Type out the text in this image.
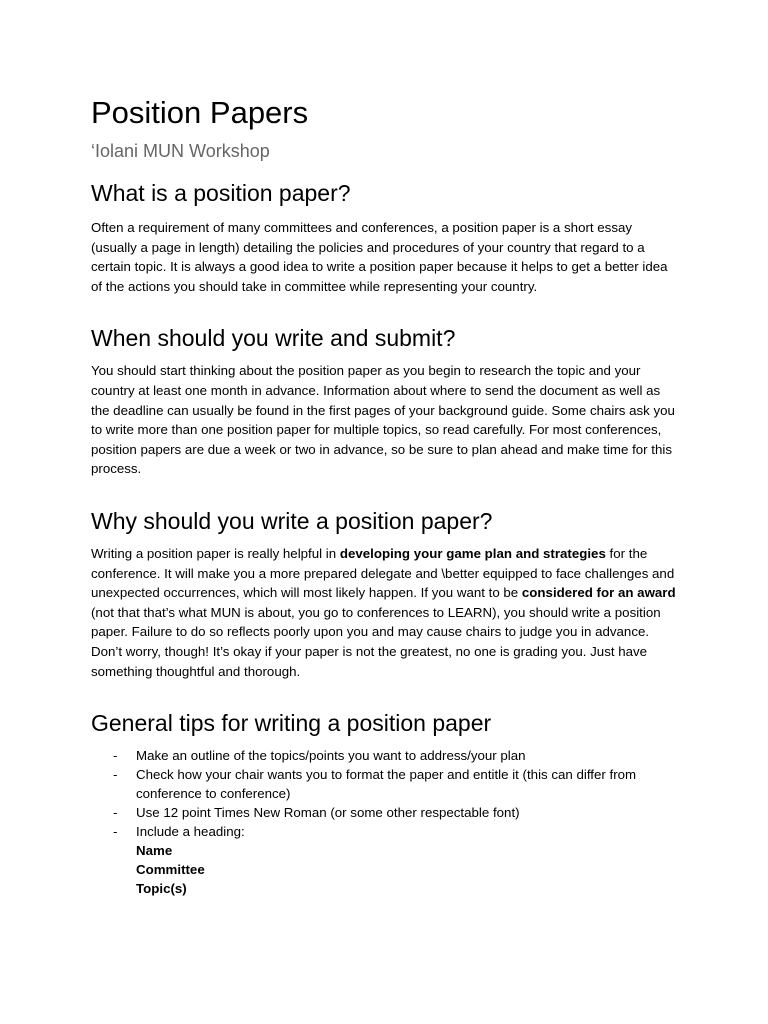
Position Papers
‘Iolani MUN Workshop
What is a position paper?

Often a requirement of many committees and conferences, a position paper is a short essay (usually a page in length) detailing the policies and procedures of your country that regard to a certain topic. It is always a good idea to write a position paper because it helps to get a better idea of the actions you should take in committee while representing your country.

When should you write and submit?

You should start thinking about the position paper as you begin to research the topic and your country at least one month in advance. Information about where to send the document as well as the deadline can usually be found in the first pages of your background guide. Some chairs ask you to write more than one position paper for multiple topics, so read carefully. For most conferences, position papers are due a week or two in advance, so be sure to plan ahead and make time for this process.

Why should you write a position paper?

Writing a position paper is really helpful in developing your game plan and strategies for the conference. It will make you a more prepared delegate and \better equipped to face challenges and unexpected occurrences, which will most likely happen. If you want to be considered for an award (not that that’s what MUN is about, you go to conferences to LEARN), you should write a position paper. Failure to do so reflects poorly upon you and may cause chairs to judge you in advance. Don’t worry, though! It’s okay if your paper is not the greatest, no one is grading you. Just have something thoughtful and thorough.

General tips for writing a position paper
- Make an outline of the topics/points you want to address/your plan
- Check how your chair wants you to format the paper and entitle it (this can differ from conference to conference)
- Use 12 point Times New Roman (or some other respectable font)
- Include a heading:
Name
Committee
Topic(s)
